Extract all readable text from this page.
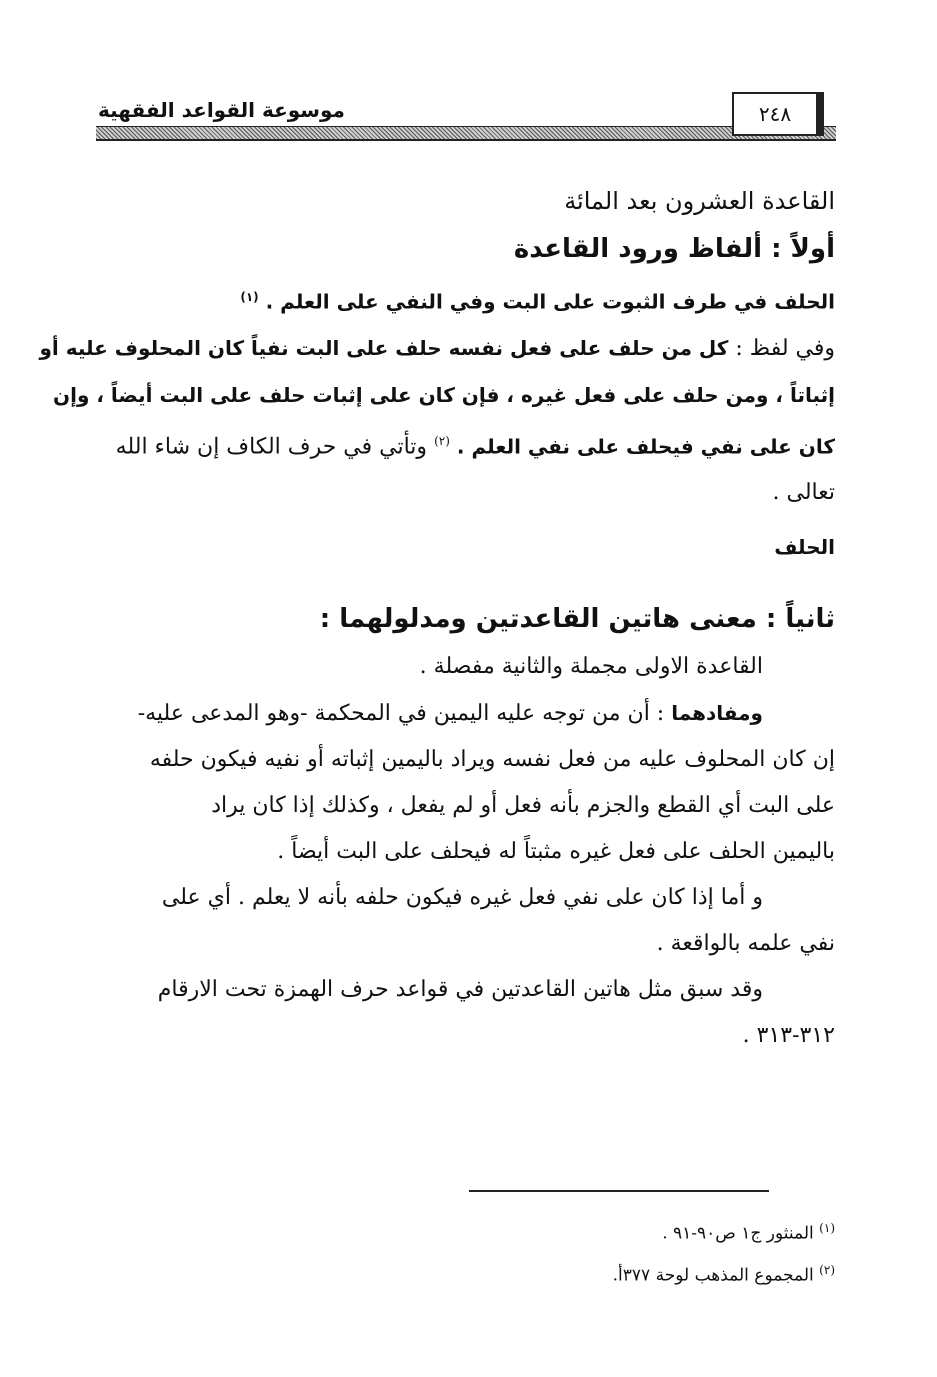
موسوعة القواعد الفقهية	٢٤٨

القاعدة العشرون بعد المائة

أولاً : ألفاظ ورود القاعدة

الحلف في طرف الثبوت على البت وفي النفي على العلم . $^{(١)}$

وفي لفظ : كل من حلف على فعل نفسه حلف على البت نفياً كان المحلوف عليه أو

إثباتاً ، ومن حلف على فعل غيره ، فإن كان على إثبات حلف على البت أيضاً ، وإن

كان على نفي فيحلف على نفي العلم . $^{(٢)}$ وتأتي في حرف الكاف إن شاء الله

تعالى .

الحلف

ثانياً : معنى هاتين القاعدتين ومدلولهما :

القاعدة الاولى مجملة والثانية مفصلة .

ومفادهما : أن من توجه عليه اليمين في المحكمة -وهو المدعى عليه-

إن كان المحلوف عليه من فعل نفسه ويراد باليمين إثباته أو نفيه فيكون حلفه

على البت أي القطع والجزم بأنه فعل أو لم يفعل ، وكذلك إذا كان يراد

باليمين الحلف على فعل غيره مثبتاً له فيحلف على البت أيضاً .

و أما إذا كان على نفي فعل غيره فيكون حلفه بأنه لا يعلم . أي على

نفي علمه بالواقعة .

وقد سبق مثل هاتين القاعدتين في قواعد حرف الهمزة تحت الارقام

٣١٢-٣١٣ .

$^{(١)}$ المنثور ج١ ص٩٠-٩١ .

$^{(٢)}$ المجموع المذهب لوحة ٣٧٧أ.
